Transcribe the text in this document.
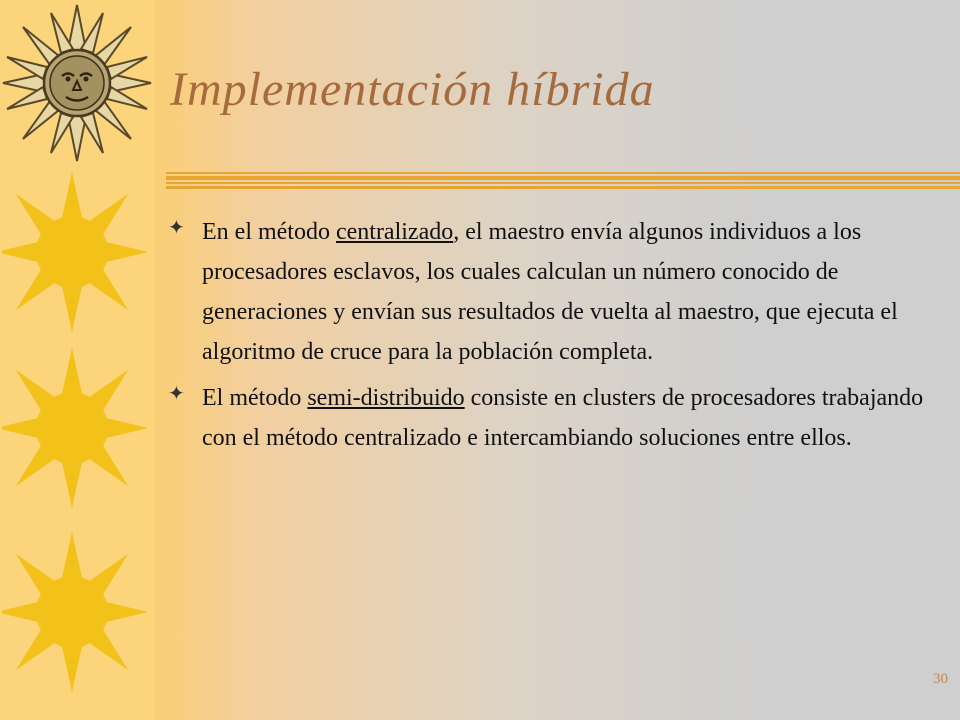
Implementación híbrida
✦ En el método centralizado, el maestro envía algunos individuos a los procesadores esclavos, los cuales calculan un número conocido de generaciones y envían sus resultados de vuelta al maestro, que ejecuta el algoritmo de cruce para la población completa.
✦ El método semi-distribuido consiste en clusters de procesadores trabajando con el método centralizado e intercambiando soluciones entre ellos.
30
